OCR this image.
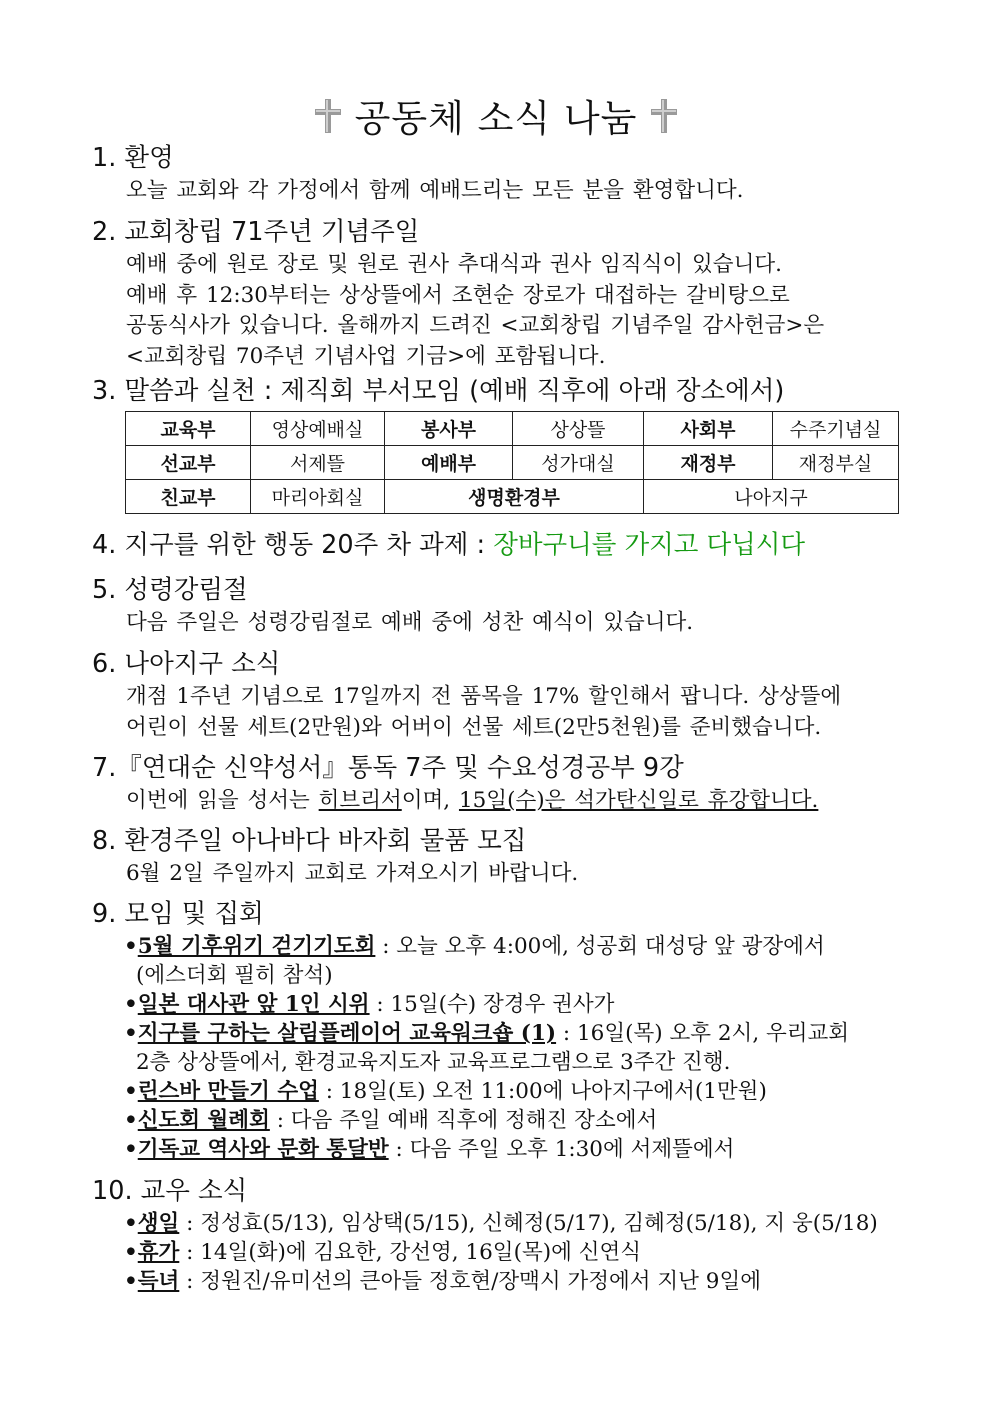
공동체 소식 나눔
1. 환영
오늘 교회와 각 가정에서 함께 예배드리는 모든 분을 환영합니다.
2. 교회창립 71주년 기념주일
예배 중에 원로 장로 및 원로 권사 추대식과 권사 임직식이 있습니다.
예배 후 12:30부터는 상상뜰에서 조현순 장로가 대접하는 갈비탕으로
공동식사가 있습니다. 올해까지 드려진 <교회창립 기념주일 감사헌금>은
<교회창립 70주년 기념사업 기금>에 포함됩니다.
3. 말씀과 실천 : 제직회 부서모임 (예배 직후에 아래 장소에서)
교육부	영상예배실	봉사부	상상뜰	사회부	수주기념실
선교부	서제뜰	예배부	성가대실	재정부	재정부실
친교부	마리아회실	생명환경부		나아지구	
4. 지구를 위한 행동 20주 차 과제 : 장바구니를 가지고 다닙시다
5. 성령강림절
다음 주일은 성령강림절로 예배 중에 성찬 예식이 있습니다.
6. 나아지구 소식
개점 1주년 기념으로 17일까지 전 품목을 17% 할인해서 팝니다. 상상뜰에
어린이 선물 세트(2만원)와 어버이 선물 세트(2만5천원)를 준비했습니다.
7.『연대순 신약성서』통독 7주 및 수요성경공부 9강
이번에 읽을 성서는 히브리서이며, 15일(수)은 석가탄신일로 휴강합니다.
8. 환경주일 아나바다 바자회 물품 모집
6월 2일 주일까지 교회로 가져오시기 바랍니다.
9. 모임 및 집회
•5월 기후위기 걷기기도회 : 오늘 오후 4:00에, 성공회 대성당 앞 광장에서
(에스더회 필히 참석)
•일본 대사관 앞 1인 시위 : 15일(수) 장경우 권사가
•지구를 구하는 살림플레이어 교육워크숍 (1) : 16일(목) 오후 2시, 우리교회
2층 상상뜰에서, 환경교육지도자 교육프로그램으로 3주간 진행.
•린스바 만들기 수업 : 18일(토) 오전 11:00에 나아지구에서(1만원)
•신도회 월례회 : 다음 주일 예배 직후에 정해진 장소에서
•기독교 역사와 문화 통달반 : 다음 주일 오후 1:30에 서제뜰에서
10. 교우 소식
•생일 : 정성효(5/13), 임상택(5/15), 신혜정(5/17), 김혜정(5/18), 지 웅(5/18)
•휴가 : 14일(화)에 김요한, 강선영, 16일(목)에 신연식
•득녀 : 정원진/유미선의 큰아들 정호현/장맥시 가정에서 지난 9일에
